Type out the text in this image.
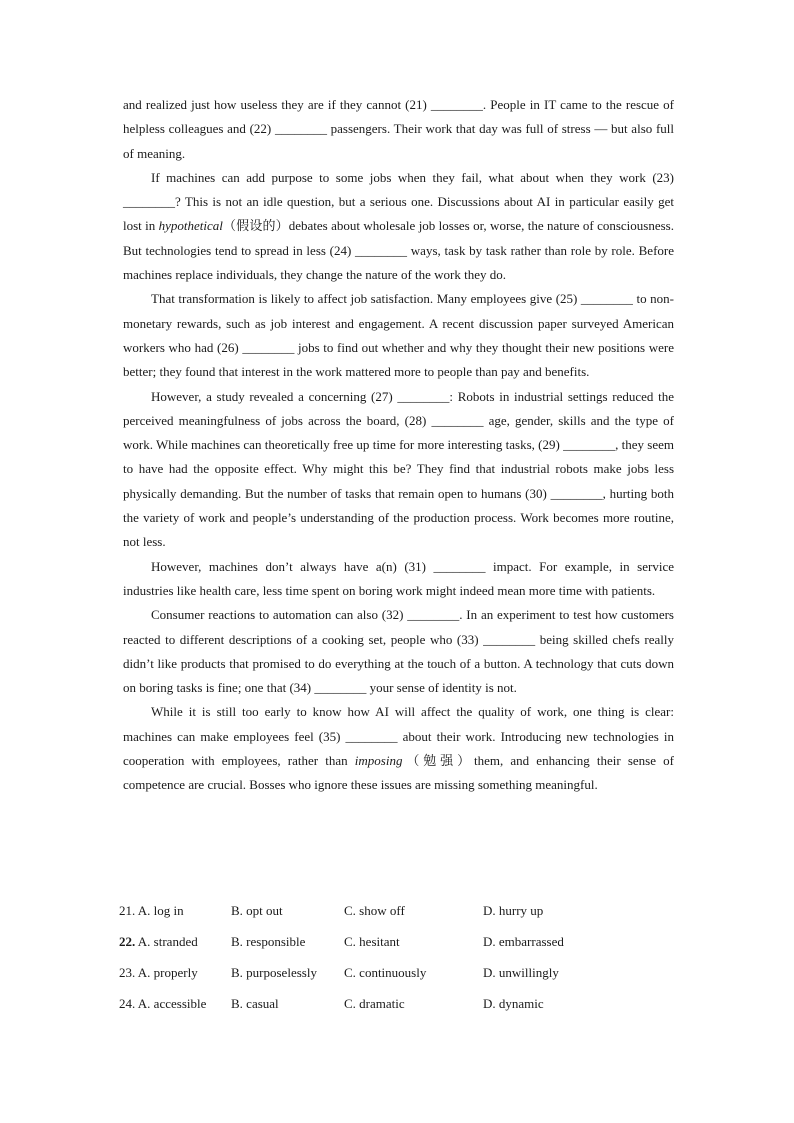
and realized just how useless they are if they cannot (21) ________. People in IT came to the rescue of helpless colleagues and (22) ________ passengers. Their work that day was full of stress — but also full of meaning.

If machines can add purpose to some jobs when they fail, what about when they work (23) ________? This is not an idle question, but a serious one. Discussions about AI in particular easily get lost in hypothetical（假设的）debates about wholesale job losses or, worse, the nature of consciousness. But technologies tend to spread in less (24) ________ ways, task by task rather than role by role. Before machines replace individuals, they change the nature of the work they do.

That transformation is likely to affect job satisfaction. Many employees give (25) ________ to non-monetary rewards, such as job interest and engagement. A recent discussion paper surveyed American workers who had (26) ________ jobs to find out whether and why they thought their new positions were better; they found that interest in the work mattered more to people than pay and benefits.

However, a study revealed a concerning (27) ________: Robots in industrial settings reduced the perceived meaningfulness of jobs across the board, (28) ________ age, gender, skills and the type of work. While machines can theoretically free up time for more interesting tasks, (29) ________, they seem to have had the opposite effect. Why might this be? They find that industrial robots make jobs less physically demanding. But the number of tasks that remain open to humans (30) ________, hurting both the variety of work and people’s understanding of the production process. Work becomes more routine, not less.

However, machines don’t always have a(n) (31) ________ impact. For example, in service industries like health care, less time spent on boring work might indeed mean more time with patients.

Consumer reactions to automation can also (32) ________. In an experiment to test how customers reacted to different descriptions of a cooking set, people who (33) ________ being skilled chefs really didn’t like products that promised to do everything at the touch of a button. A technology that cuts down on boring tasks is fine; one that (34) ________ your sense of identity is not.

While it is still too early to know how AI will affect the quality of work, one thing is clear: machines can make employees feel (35) ________ about their work. Introducing new technologies in cooperation with employees, rather than imposing（勉强）them, and enhancing their sense of competence are crucial. Bosses who ignore these issues are missing something meaningful.

21. A. log in	B. opt out	C. show off	D. hurry up
22. A. stranded	B. responsible	C. hesitant	D. embarrassed
23. A. properly	B. purposelessly C. continuously	D. unwillingly
24. A. accessible B. casual	C. dramatic	D. dynamic
